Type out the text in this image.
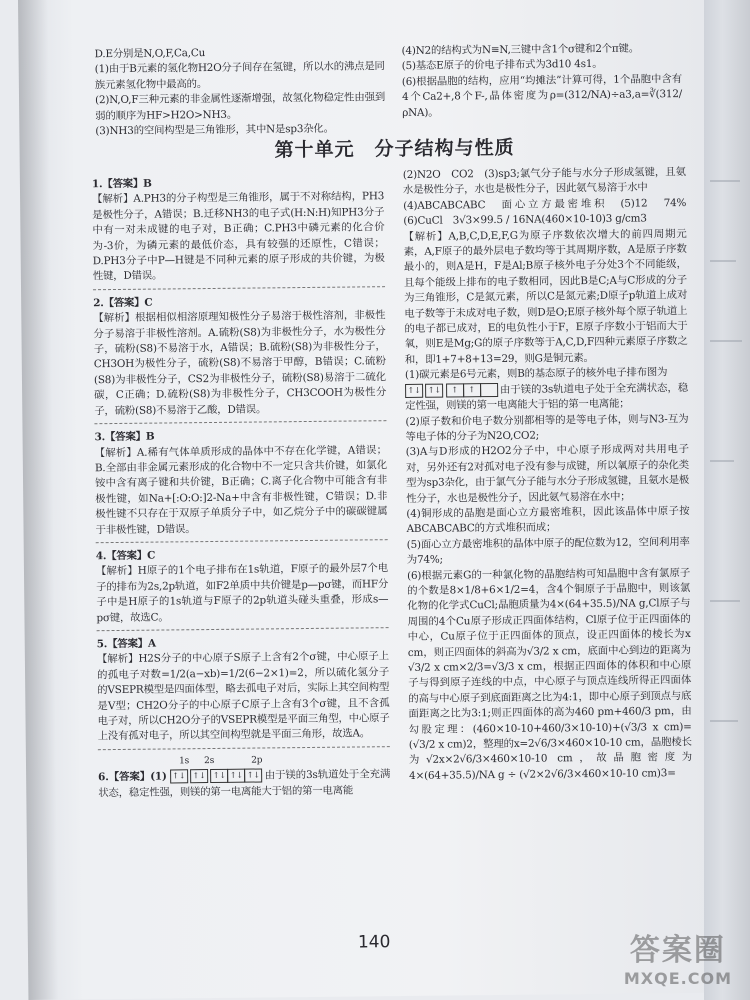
D.E分别是N,O,F,Ca,Cu

(1)由于B元素的氢化物H2O分子间存在氢键，所以水的沸点是同族元素氢化物中最高的。

(2)N,O,F三种元素的非金属性逐渐增强，故氢化物稳定性由强到弱的顺序为HF>H2O>NH3。

(3)NH3的空间构型是三角锥形，其中N是sp3杂化。

(4)N2的结构式为N≡N,三键中含1个σ键和2个π键。

(5)基态E原子的价电子排布式为3d10 4s1。

(6)根据晶胞的结构，应用“均摊法”计算可得，1个晶胞中含有4个Ca2+,8个F-,晶体密度为ρ=(312/NA)÷a3,a=∛(312/ρNA)。

第十单元　分子结构与性质

1.【答案】B

【解析】A.PH3的分子构型是三角锥形，属于不对称结构，PH3是极性分子，A错误；B.迁移NH3的电子式(H:N:H)知PH3分子中有一对未成键的电子对，B正确；C.PH3中磷元素的化合价为-3价，为磷元素的最低价态，具有较强的还原性，C错误；D.PH3分子中P—H键是不同种元素的原子形成的共价键，为极性键，D错误。

2.【答案】C

【解析】根据相似相溶原理知极性分子易溶于极性溶剂，非极性分子易溶于非极性溶剂。A.硫粉(S8)为非极性分子，水为极性分子，硫粉(S8)不易溶于水，A错误；B.硫粉(S8)为非极性分子，CH3OH为极性分子，硫粉(S8)不易溶于甲醇，B错误；C.硫粉(S8)为非极性分子，CS2为非极性分子，硫粉(S8)易溶于二硫化碳，C正确；D.硫粉(S8)为非极性分子，CH3COOH为极性分子，硫粉(S8)不易溶于乙酸，D错误。

3.【答案】B

【解析】A.稀有气体单质形成的晶体中不存在化学键，A错误；B.全部由非金属元素形成的化合物中不一定只含共价键，如氯化铵中含有离子键和共价键，B正确；C.离子化合物中可能含有非极性键，如Na+[:O:O:]2-Na+中含有非极性键，C错误；D.非极性键不只存在于双原子单质分子中，如乙烷分子中的碳碳键属于非极性键，D错误。

4.【答案】C

【解析】H原子的1个电子排布在1s轨道，F原子的最外层7个电子的排布为2s,2p轨道，如F2单质中共价键是p—pσ键，而HF分子中是H原子的1s轨道与F原子的2p轨道头碰头重叠，形成s—pσ键，故选C。

5.【答案】A

【解析】H2S分子的中心原子S原子上含有2个σ键，中心原子上的孤电子对数=1/2(a−xb)=1/2(6−2×1)=2，所以硫化氢分子的VSEPR模型是四面体型，略去孤电子对后，实际上其空间构型是V型；CH2O分子的中心原子C原子上含有3个σ键，且不含孤电子对，所以CH2O分子的VSEPR模型是平面三角型，中心原子上没有孤对电子，所以其空间构型就是平面三角形，故选A。

1s 2s	2p

6.【答案】(1) ↑↓ ↑↓ ↑↓ ↑↓ ↑↓ 由于镁的3s轨道处于全充满状态，稳定性强，则镁的第一电离能大于铝的第一电离能

(2)N2O　CO2　(3)sp3;氯气分子能与水分子形成氢键，且氨水是极性分子，水也是极性分子，因此氨气易溶于水中

(4)ABCABCABC　面心立方最密堆积　(5)12　74%　(6)CuCl　3√3×99.5 / 16NA(460×10-10)3 g/cm3

【解析】A,B,C,D,E,F,G为原子序数依次增大的前四周期元素，A,F原子的最外层电子数均等于其周期序数，A是原子序数最小的，则A是H，F是Al;B原子核外电子分处3个不同能级，且每个能级上排布的电子数相同，因此B是C;A与C形成的分子为三角锥形，C是氮元素，所以C是氮元素;D原子p轨道上成对电子数等于未成对电子数，则D是O;E原子核外每个原子轨道上的电子都已成对，E的电负性小于F，E原子序数小于铝而大于氧，则E是Mg;G的原子序数等于A,C,D,F四种元素原子序数之和，即1+7+8+13=29，则G是铜元素。

(1)碳元素是6号元素，则B的基态原子的核外电子排布图为

↑↓ ↑↓ ↑ ↑ 由于镁的3s轨道电子处于全充满状态，稳定性强，则镁的第一电离能大于铝的第一电离能；

(2)原子数和价电子数分别都相等的是等电子体，则与N3-互为等电子体的分子为N2O,CO2;

(3)A与D形成的H2O2分子中，中心原子形成两对共用电子对，另外还有2对孤对电子没有参与成键，所以氧原子的杂化类型为sp3杂化，由于氯气分子能与水分子形成氢键，且氨水是极性分子，水也是极性分子，因此氨气易溶在水中；

(4)铜形成的晶胞是面心立方最密堆积，因此该晶体中原子按ABCABCABC的方式堆积而成；

(5)面心立方最密堆积的晶体中原子的配位数为12，空间利用率为74%;

(6)根据元素G的一种氯化物的晶胞结构可知晶胞中含有氯原子的个数是8×1/8+6×1/2=4，含4个铜原子于晶胞中，则该氯化物的化学式CuCl;晶胞质量为4×(64+35.5)/NA g,Cl原子与周围的4个Cu原子形成正四面体结构，Cl原子位于正四面体的中心，Cu原子位于正四面体的顶点，设正四面体的棱长为x cm，则正四面体的斜高为√3/2 x cm，底面中心到边的距离为√3/2 x cm×2/3=√3/3 x cm，根据正四面体的体积和中心原子与得到原子连线的中点，中心原子与顶点连线所得正四面体的高与中心原子到底面距离之比为4:1，即中心原子到顶点与底面距离之比为3:1;则正四面体的高为460 pm+460/3 pm，由勾股定理：(460×10-10+460/3×10-10)+(√3/3 x cm)=(√3/2 x cm)2，整理的x=2√6/3×460×10-10 cm，晶胞棱长为√2x×2√6/3×460×10-10 cm，故晶胞密度为4×(64+35.5)/NA g ÷ (√2×2√6/3×460×10-10 cm)3=

140	答案圈
MXQE.COM
